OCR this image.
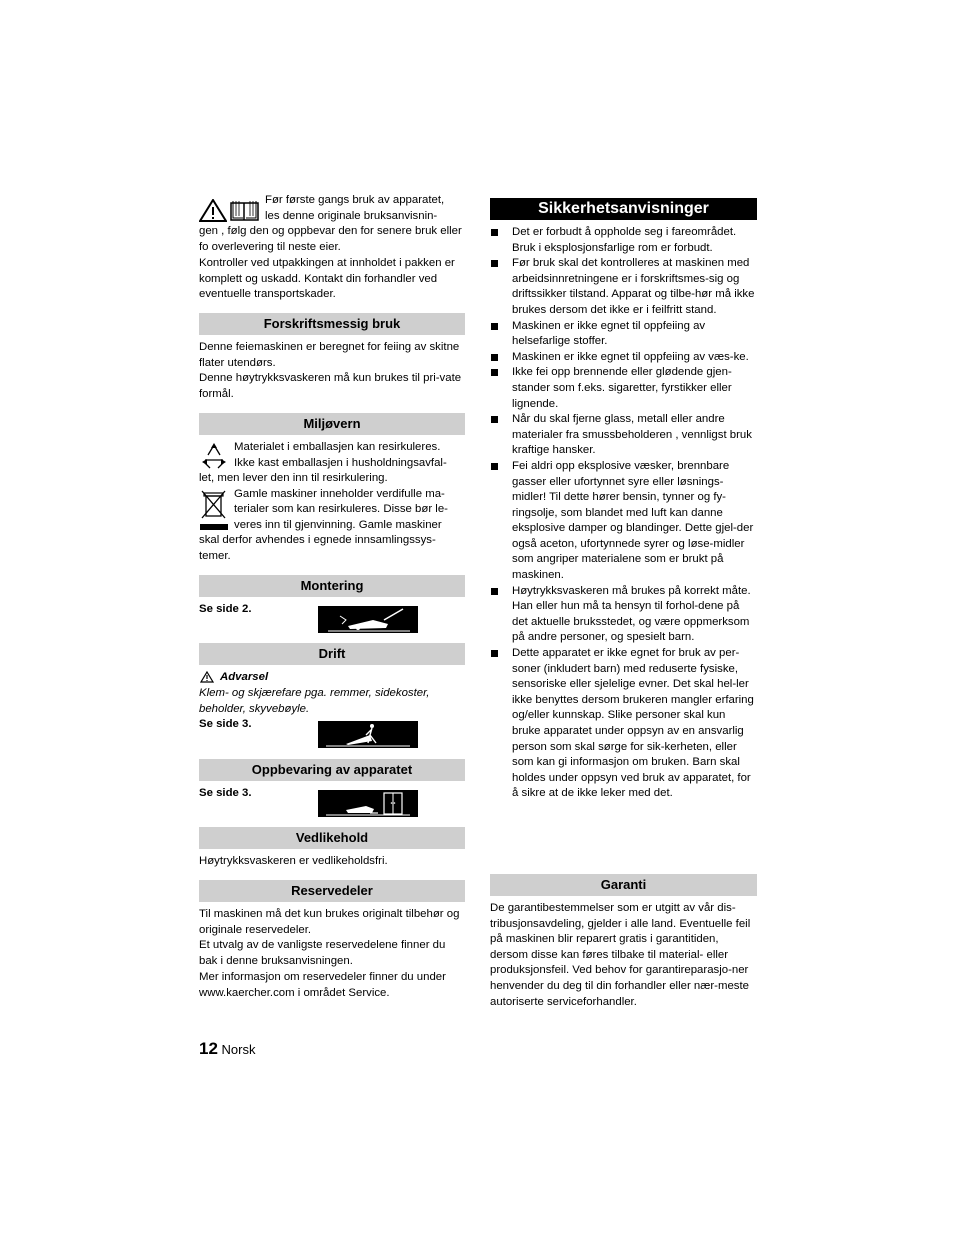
Før første gangs bruk av apparatet,

les denne originale bruksanvisnin-

gen , følg den og oppbevar den for senere bruk eller fo overlevering til neste eier.

Kontroller ved utpakkingen at innholdet i pakken er komplett og uskadd. Kontakt din forhandler ved eventuelle transportskader.

Forskriftsmessig bruk

Denne feiemaskinen er beregnet for feiing av skitne flater utendørs.

Denne høytrykksvaskeren må kun brukes til pri-vate formål.

Miljøvern

Materialet i emballasjen kan resirkuleres.

Ikke kast emballasjen i husholdningsavfal-

let, men lever den inn til resirkulering.

Gamle maskiner inneholder verdifulle ma-

terialer som kan resirkuleres. Disse bør le-

veres inn til gjenvinning. Gamle maskiner

skal derfor avhendes i egnede innsamlingssys-temer.

Montering

Se side 2.

Drift

Advarsel

Klem- og skjærefare pga. remmer, sidekoster, beholder, skyvebøyle.

Se side 3.

Oppbevaring av apparatet

Se side 3.

Vedlikehold

Høytrykksvaskeren er vedlikeholdsfri.

Reservedeler

Til maskinen må det kun brukes originalt tilbehør og originale reservedeler.

Et utvalg av de vanligste reservedelene finner du bak i denne bruksanvisningen.

Mer informasjon om reservedeler finner du under www.kaercher.com i området Service.

Sikkerhetsanvisninger
Det er forbudt å oppholde seg i fareområdet. Bruk i eksplosjonsfarlige rom er forbudt.
Før bruk skal det kontrolleres at maskinen med arbeidsinnretningene er i forskriftsmes-sig og driftssikker tilstand. Apparat og tilbe-hør må ikke brukes dersom det ikke er i feilfritt stand.
Maskinen er ikke egnet til oppfeiing av helsefarlige stoffer.
Maskinen er ikke egnet til oppfeiing av væs-ke.
Ikke fei opp brennende eller glødende gjen-stander som f.eks. sigaretter, fyrstikker eller lignende.
Når du skal fjerne glass, metall eller andre materialer fra smussbeholderen , vennligst bruk kraftige hansker.
Fei aldri opp eksplosive væsker, brennbare gasser eller ufortynnet syre eller løsnings-midler! Til dette hører bensin, tynner og fy-ringsolje, som blandet med luft kan danne eksplosive damper og blandinger. Dette gjel-der også aceton, ufortynnede syrer og løse-midler som angriper materialene som er brukt på maskinen.
Høytrykksvaskeren må brukes på korrekt måte. Han eller hun må ta hensyn til forhol-dene på det aktuelle bruksstedet, og være oppmerksom på andre personer, og spesielt barn.
Dette apparatet er ikke egnet for bruk av per-soner (inkludert barn) med reduserte fysiske, sensoriske eller sjelelige evner. Det skal hel-ler ikke benyttes dersom brukeren mangler erfaring og/eller kunnskap. Slike personer skal kun bruke apparatet under oppsyn av en ansvarlig person som skal sørge for sik-kerheten, eller som kan gi informasjon om bruken. Barn skal holdes under oppsyn ved bruk av apparatet, for å sikre at de ikke leker med det.
Garanti

De garantibestemmelser som er utgitt av vår dis-tribusjonsavdeling, gjelder i alle land. Eventuelle feil på maskinen blir reparert gratis i garantitiden, dersom disse kan føres tilbake til material- eller produksjonsfeil. Ved behov for garantireparasjo-ner henvender du deg til din forhandler eller nær-meste autoriserte serviceforhandler.

12 Norsk
